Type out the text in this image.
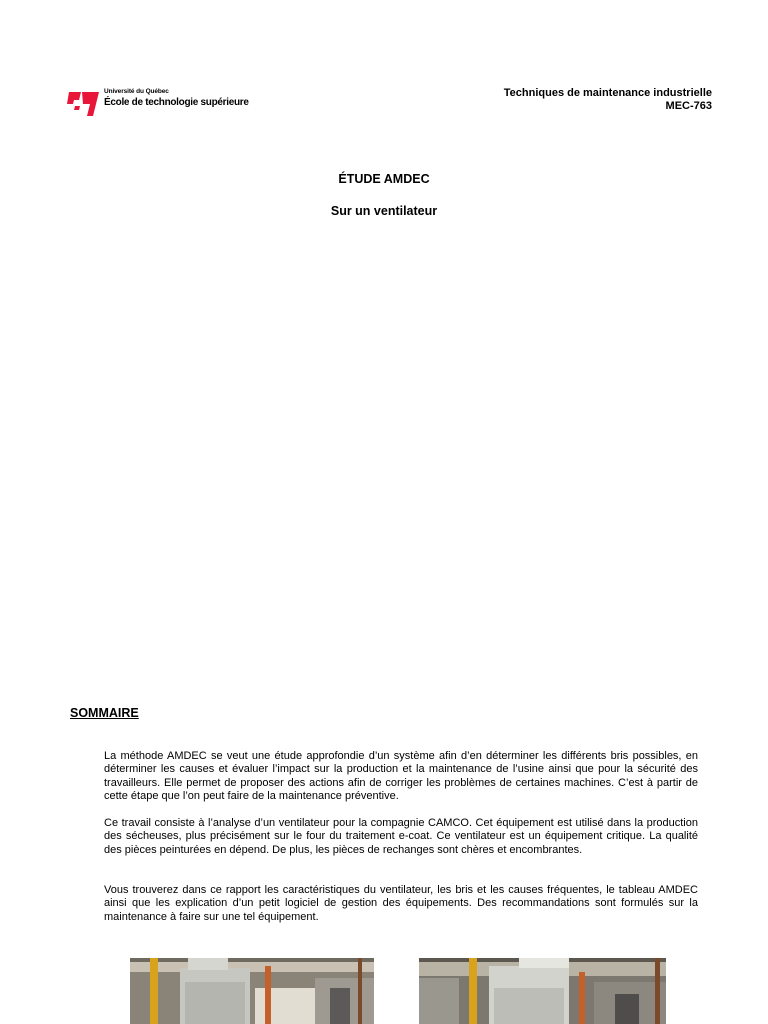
Université du Québec
École de technologie supérieure
Techniques de maintenance industrielle
MEC-763
ÉTUDE AMDEC
Sur un ventilateur
SOMMAIRE

La méthode AMDEC se veut une étude approfondie d’un système afin d’en déterminer les différents bris possibles, en déterminer les causes et évaluer l’impact sur la production et la maintenance de l’usine ainsi que pour la sécurité des travailleurs. Elle permet de proposer des actions afin de corriger les problèmes de certaines machines. C’est à partir de cette étape que l’on peut faire de la maintenance préventive.

Ce travail consiste à l’analyse d’un ventilateur pour la compagnie CAMCO. Cet équipement est utilisé dans la production des sécheuses, plus précisément sur le four du traitement e-coat. Ce ventilateur est un équipement critique. La qualité des pièces peinturées en dépend. De plus, les pièces de rechanges sont chères et encombrantes.

Vous trouverez dans ce rapport les caractéristiques du ventilateur, les bris et les causes fréquentes, le tableau AMDEC ainsi que les explication d’un petit logiciel de gestion des équipements. Des recommandations sont formulés sur la maintenance à faire sur une tel équipement.
